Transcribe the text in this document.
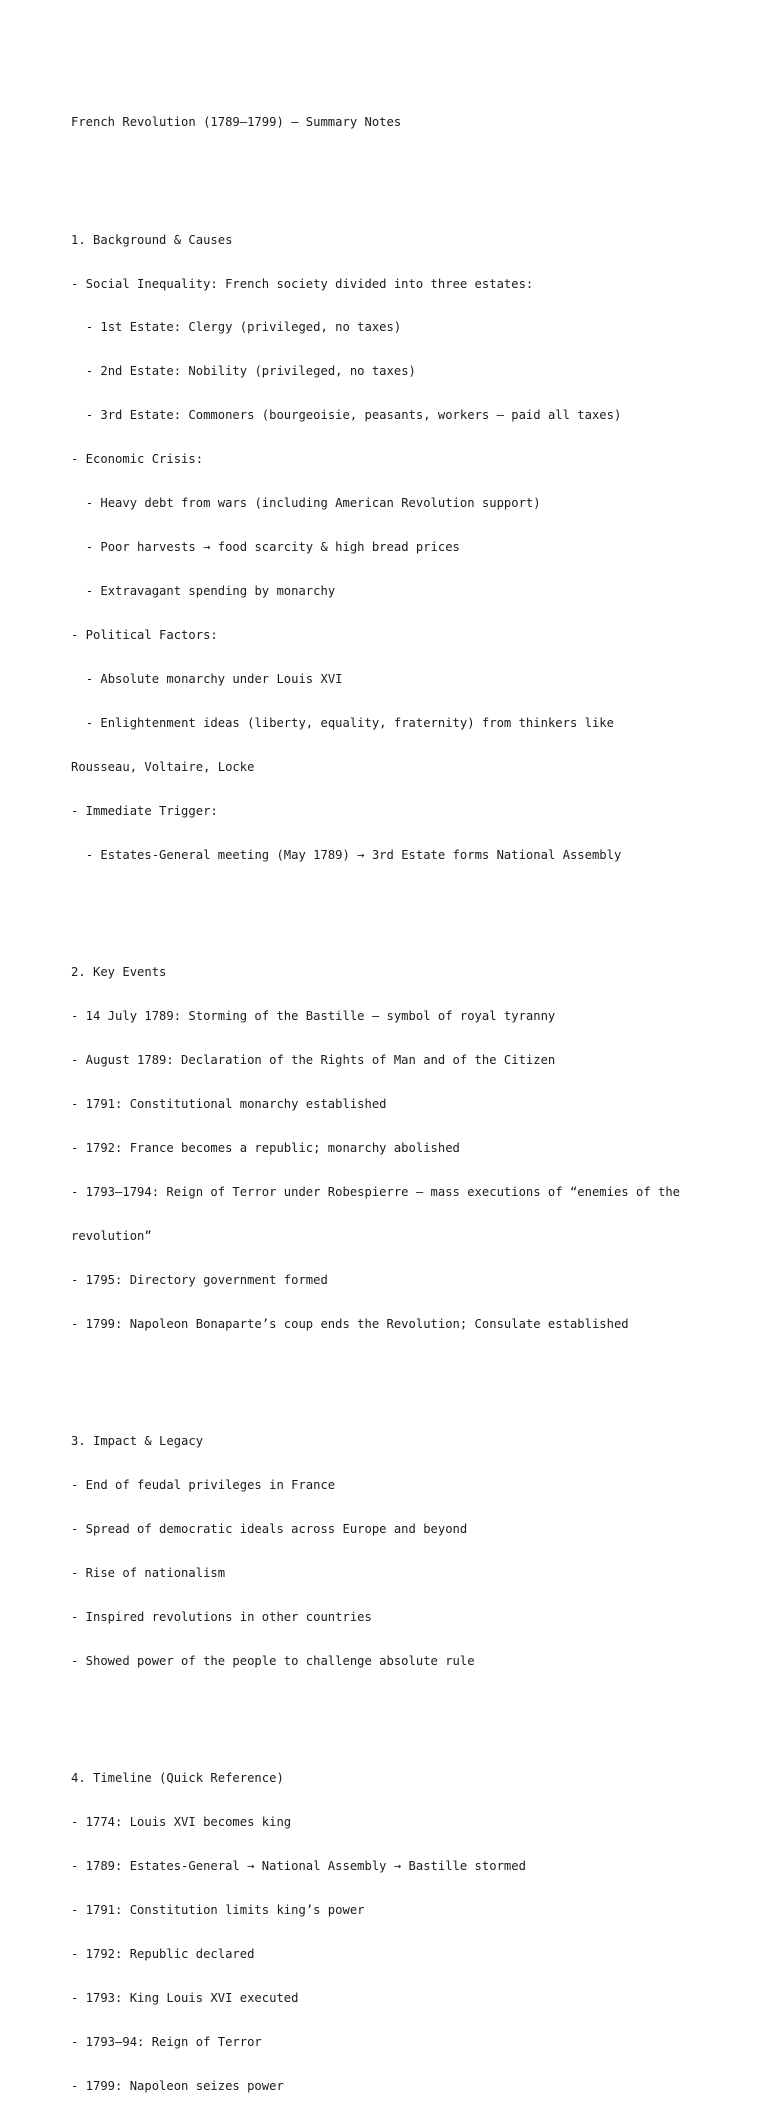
French Revolution (1789–1799) – Summary Notes

1. Background & Causes

- Social Inequality: French society divided into three estates:

- 1st Estate: Clergy (privileged, no taxes)

- 2nd Estate: Nobility (privileged, no taxes)

- 3rd Estate: Commoners (bourgeoisie, peasants, workers — paid all taxes)

- Economic Crisis:

- Heavy debt from wars (including American Revolution support)

- Poor harvests → food scarcity & high bread prices

- Extravagant spending by monarchy

- Political Factors:

- Absolute monarchy under Louis XVI

- Enlightenment ideas (liberty, equality, fraternity) from thinkers like

Rousseau, Voltaire, Locke

- Immediate Trigger:

- Estates-General meeting (May 1789) → 3rd Estate forms National Assembly

2. Key Events

- 14 July 1789: Storming of the Bastille — symbol of royal tyranny

- August 1789: Declaration of the Rights of Man and of the Citizen

- 1791: Constitutional monarchy established

- 1792: France becomes a republic; monarchy abolished

- 1793–1794: Reign of Terror under Robespierre — mass executions of “enemies of the

revolution”

- 1795: Directory government formed

- 1799: Napoleon Bonaparte’s coup ends the Revolution; Consulate established

3. Impact & Legacy

- End of feudal privileges in France

- Spread of democratic ideals across Europe and beyond

- Rise of nationalism

- Inspired revolutions in other countries

- Showed power of the people to challenge absolute rule

4. Timeline (Quick Reference)

- 1774: Louis XVI becomes king

- 1789: Estates-General → National Assembly → Bastille stormed

- 1791: Constitution limits king’s power

- 1792: Republic declared

- 1793: King Louis XVI executed

- 1793–94: Reign of Terror

- 1799: Napoleon seizes power
